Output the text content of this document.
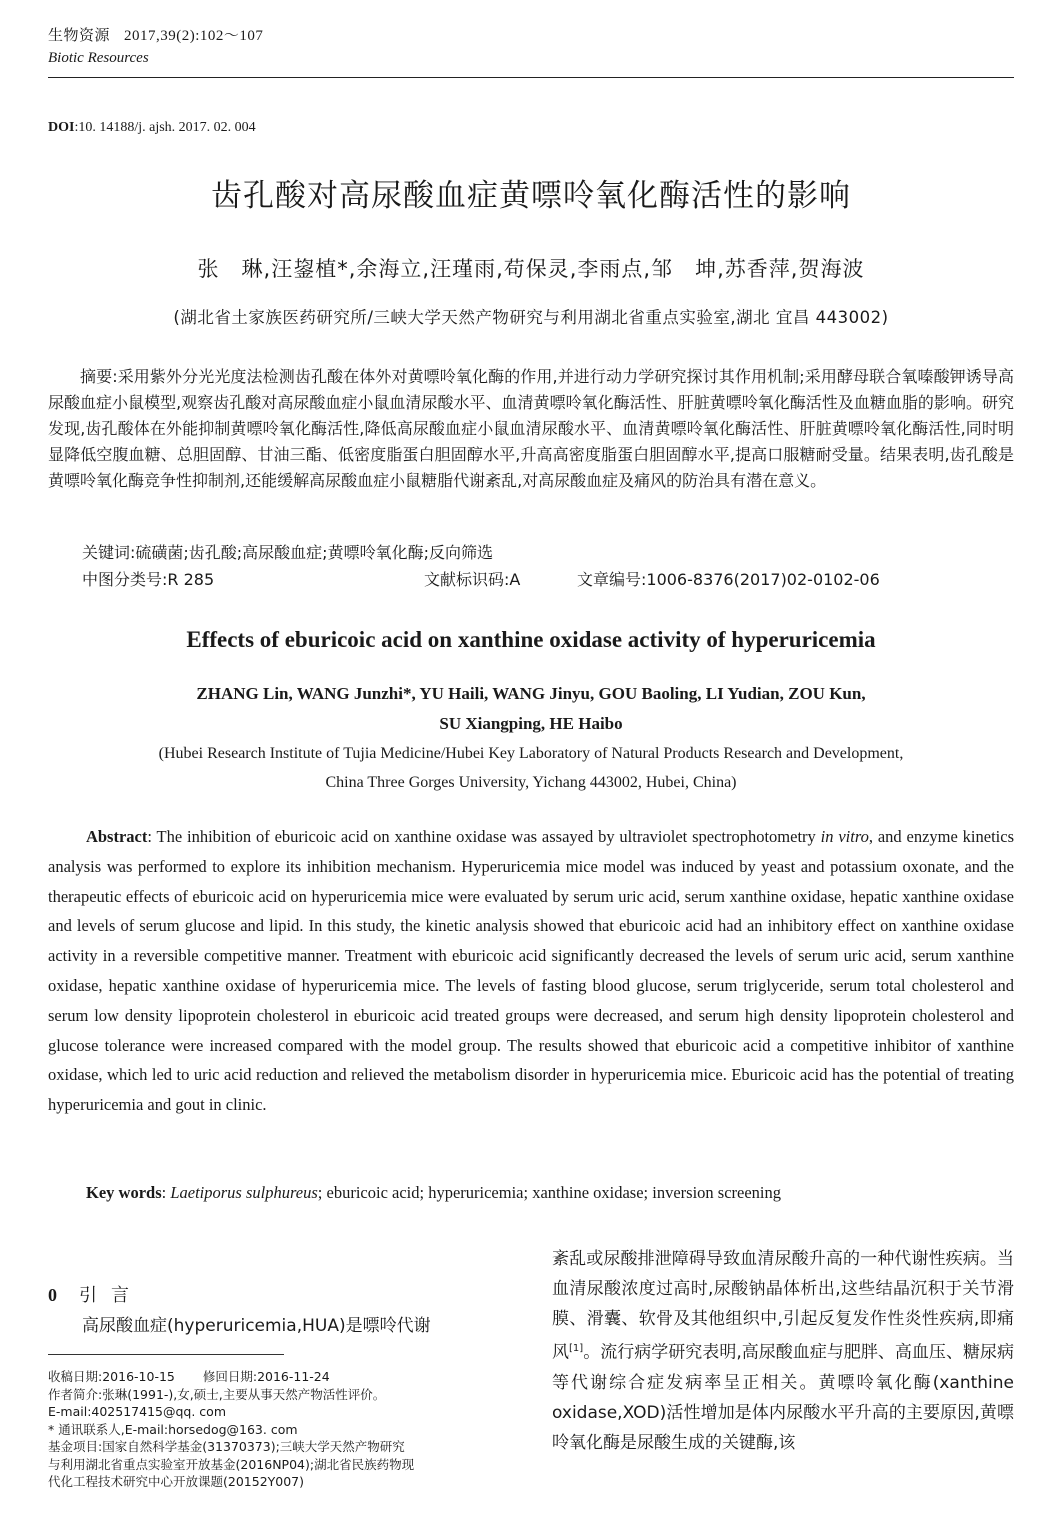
生物资源 2017,39(2):102～107
Biotic Resources
DOI:10. 14188/j. ajsh. 2017. 02. 004
齿孔酸对高尿酸血症黄嘌呤氧化酶活性的影响
张　琳,汪鋆植*,余海立,汪瑾雨,苟保灵,李雨点,邹　坤,苏香萍,贺海波
(湖北省土家族医药研究所/三峡大学天然产物研究与利用湖北省重点实验室,湖北 宜昌 443002)
摘要:采用紫外分光光度法检测齿孔酸在体外对黄嘌呤氧化酶的作用,并进行动力学研究探讨其作用机制;采用酵母联合氧嗪酸钾诱导高尿酸血症小鼠模型,观察齿孔酸对高尿酸血症小鼠血清尿酸水平、血清黄嘌呤氧化酶活性、肝脏黄嘌呤氧化酶活性及血糖血脂的影响。研究发现,齿孔酸体在外能抑制黄嘌呤氧化酶活性,降低高尿酸血症小鼠血清尿酸水平、血清黄嘌呤氧化酶活性、肝脏黄嘌呤氧化酶活性,同时明显降低空腹血糖、总胆固醇、甘油三酯、低密度脂蛋白胆固醇水平,升高高密度脂蛋白胆固醇水平,提高口服糖耐受量。结果表明,齿孔酸是黄嘌呤氧化酶竞争性抑制剂,还能缓解高尿酸血症小鼠糖脂代谢紊乱,对高尿酸血症及痛风的防治具有潜在意义。
关键词:硫磺菌;齿孔酸;高尿酸血症;黄嘌呤氧化酶;反向筛选
中图分类号:R 285	文献标识码:A	文章编号:1006-8376(2017)02-0102-06
Effects of eburicoic acid on xanthine oxidase activity of hyperuricemia
ZHANG Lin, WANG Junzhi*, YU Haili, WANG Jinyu, GOU Baoling, LI Yudian, ZOU Kun,
SU Xiangping, HE Haibo
(Hubei Research Institute of Tujia Medicine/Hubei Key Laboratory of Natural Products Research and Development,
China Three Gorges University, Yichang 443002, Hubei, China)
Abstract: The inhibition of eburicoic acid on xanthine oxidase was assayed by ultraviolet spectrophotometry in vitro, and enzyme kinetics analysis was performed to explore its inhibition mechanism. Hyperuricemia mice model was induced by yeast and potassium oxonate, and the therapeutic effects of eburicoic acid on hyperuricemia mice were evaluated by serum uric acid, serum xanthine oxidase, hepatic xanthine oxidase and levels of serum glucose and lipid. In this study, the kinetic analysis showed that eburicoic acid had an inhibitory effect on xanthine oxidase activity in a reversible competitive manner. Treatment with eburicoic acid significantly decreased the levels of serum uric acid, serum xanthine oxidase, hepatic xanthine oxidase of hyperuricemia mice. The levels of fasting blood glucose, serum triglyceride, serum total cholesterol and serum low density lipoprotein cholesterol in eburicoic acid treated groups were decreased, and serum high density lipoprotein cholesterol and glucose tolerance were increased compared with the model group. The results showed that eburicoic acid a competitive inhibitor of xanthine oxidase, which led to uric acid reduction and relieved the metabolism disorder in hyperuricemia mice. Eburicoic acid has the potential of treating hyperuricemia and gout in clinic.
Key words: Laetiporus sulphureus; eburicoic acid; hyperuricemia; xanthine oxidase; inversion screening
0 引言
高尿酸血症(hyperuricemia,HUA)是嘌呤代谢
收稿日期:2016-10-15 修回日期:2016-11-24
作者简介:张琳(1991-),女,硕士,主要从事天然产物活性评价。
E-mail:402517415@qq. com
* 通讯联系人,E-mail:horsedog@163. com
基金项目:国家自然科学基金(31370373);三峡大学天然产物研究
与利用湖北省重点实验室开放基金(2016NP04);湖北省民族药物现
代化工程技术研究中心开放课题(20152Y007)
紊乱或尿酸排泄障碍导致血清尿酸升高的一种代谢性疾病。当血清尿酸浓度过高时,尿酸钠晶体析出,这些结晶沉积于关节滑膜、滑囊、软骨及其他组织中,引起反复发作性炎性疾病,即痛风[1]。流行病学研究表明,高尿酸血症与肥胖、高血压、糖尿病等代谢综合症发病率呈正相关。黄嘌呤氧化酶(xanthine oxidase,XOD)活性增加是体内尿酸水平升高的主要原因,黄嘌呤氧化酶是尿酸生成的关键酶,该
